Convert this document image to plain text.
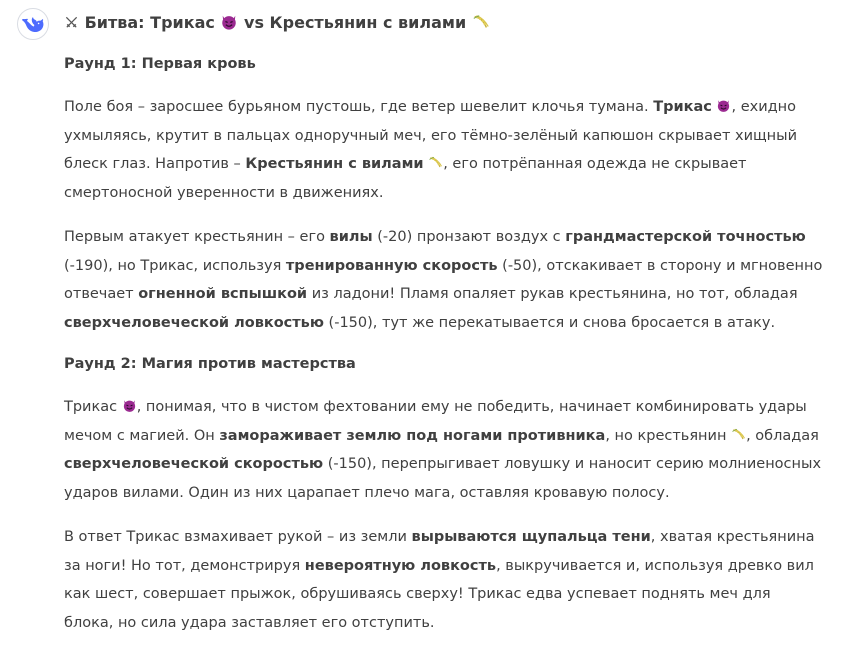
Битва: Трикас  vs Крестьянин с вилами
Раунд 1: Первая кровь

Поле боя – заросшее бурьяном пустошь, где ветер шевелит клочья тумана. Трикас , ехидно ухмыляясь, крутит в пальцах одноручный меч, его тёмно-зелёный капюшон скрывает хищный блеск глаз. Напротив – Крестьянин с вилами , его потрёпанная одежда не скрывает смертоносной уверенности в движениях.

Первым атакует крестьянин – его вилы (-20) пронзают воздух с грандмастерской точностью (-190), но Трикас, используя тренированную скорость (-50), отскакивает в сторону и мгновенно отвечает огненной вспышкой из ладони! Пламя опаляет рукав крестьянина, но тот, обладая сверхчеловеческой ловкостью (-150), тут же перекатывается и снова бросается в атаку.

Раунд 2: Магия против мастерства

Трикас , понимая, что в чистом фехтовании ему не победить, начинает комбинировать удары мечом с магией. Он замораживает землю под ногами противника, но крестьянин , обладая сверхчеловеческой скоростью (-150), перепрыгивает ловушку и наносит серию молниеносных ударов вилами. Один из них царапает плечо мага, оставляя кровавую полосу.

В ответ Трикас взмахивает рукой – из земли вырываются щупальца тени, хватая крестьянина за ноги! Но тот, демонстрируя невероятную ловкость, выкручивается и, используя древко вил как шест, совершает прыжок, обрушиваясь сверху! Трикас едва успевает поднять меч для блока, но сила удара заставляет его отступить.
